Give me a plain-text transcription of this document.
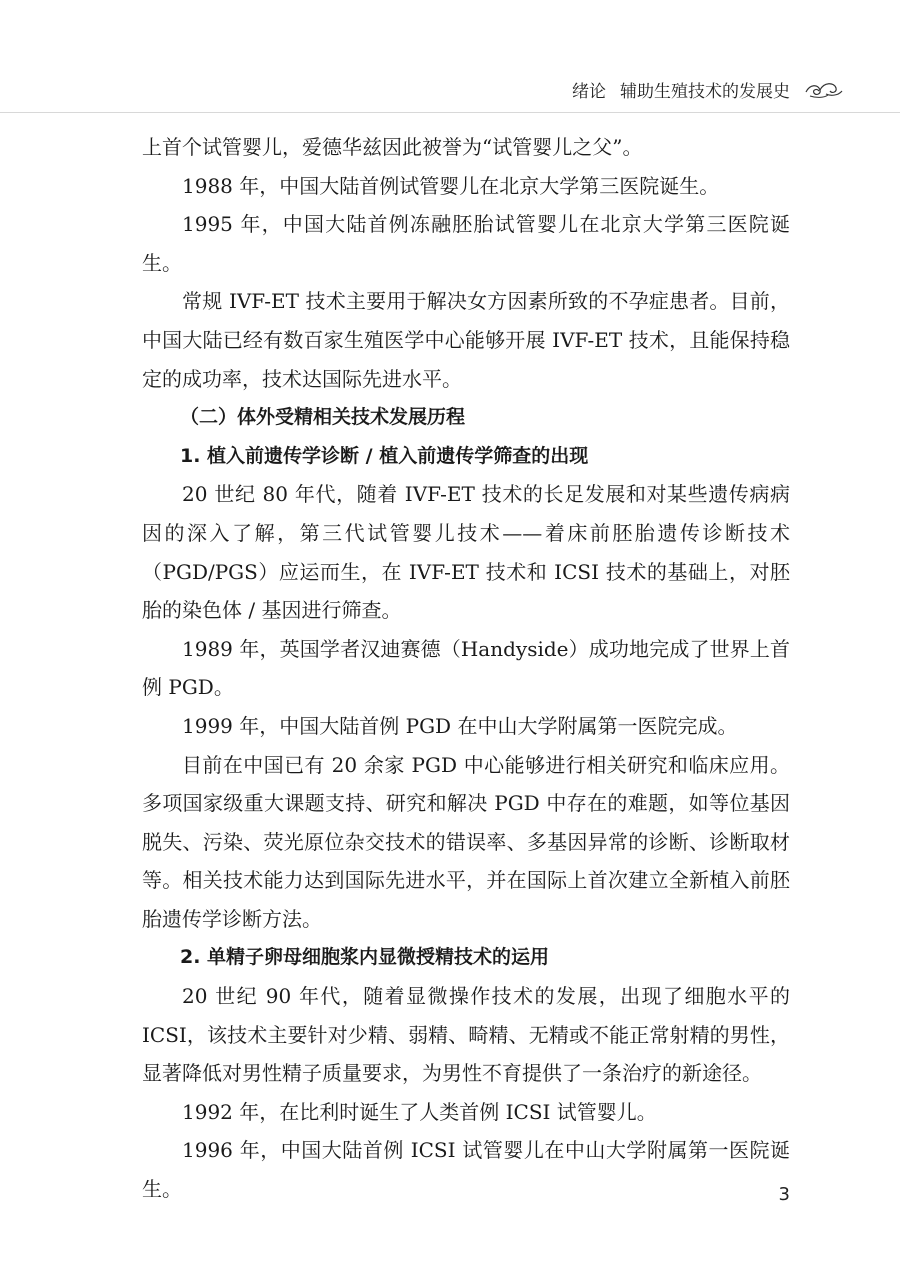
绪论 辅助生殖技术的发展史

上首个试管婴儿，爱德华兹因此被誉为“试管婴儿之父”。

1988 年，中国大陆首例试管婴儿在北京大学第三医院诞生。

1995 年，中国大陆首例冻融胚胎试管婴儿在北京大学第三医院诞生。

常规 IVF-ET 技术主要用于解决女方因素所致的不孕症患者。目前，中国大陆已经有数百家生殖医学中心能够开展 IVF-ET 技术，且能保持稳定的成功率，技术达国际先进水平。

（二）体外受精相关技术发展历程
1. 植入前遗传学诊断 / 植入前遗传学筛查的出现

20 世纪 80 年代，随着 IVF-ET 技术的长足发展和对某些遗传病病因的深入了解，第三代试管婴儿技术——着床前胚胎遗传诊断技术（PGD/PGS）应运而生，在 IVF-ET 技术和 ICSI 技术的基础上，对胚胎的染色体 / 基因进行筛查。

1989 年，英国学者汉迪赛德（Handyside）成功地完成了世界上首例 PGD。

1999 年，中国大陆首例 PGD 在中山大学附属第一医院完成。

目前在中国已有 20 余家 PGD 中心能够进行相关研究和临床应用。多项国家级重大课题支持、研究和解决 PGD 中存在的难题，如等位基因脱失、污染、荧光原位杂交技术的错误率、多基因异常的诊断、诊断取材等。相关技术能力达到国际先进水平，并在国际上首次建立全新植入前胚胎遗传学诊断方法。

2. 单精子卵母细胞浆内显微授精技术的运用

20 世纪 90 年代，随着显微操作技术的发展，出现了细胞水平的 ICSI，该技术主要针对少精、弱精、畸精、无精或不能正常射精的男性，显著降低对男性精子质量要求，为男性不育提供了一条治疗的新途径。

1992 年，在比利时诞生了人类首例 ICSI 试管婴儿。

1996 年，中国大陆首例 ICSI 试管婴儿在中山大学附属第一医院诞生。	3
